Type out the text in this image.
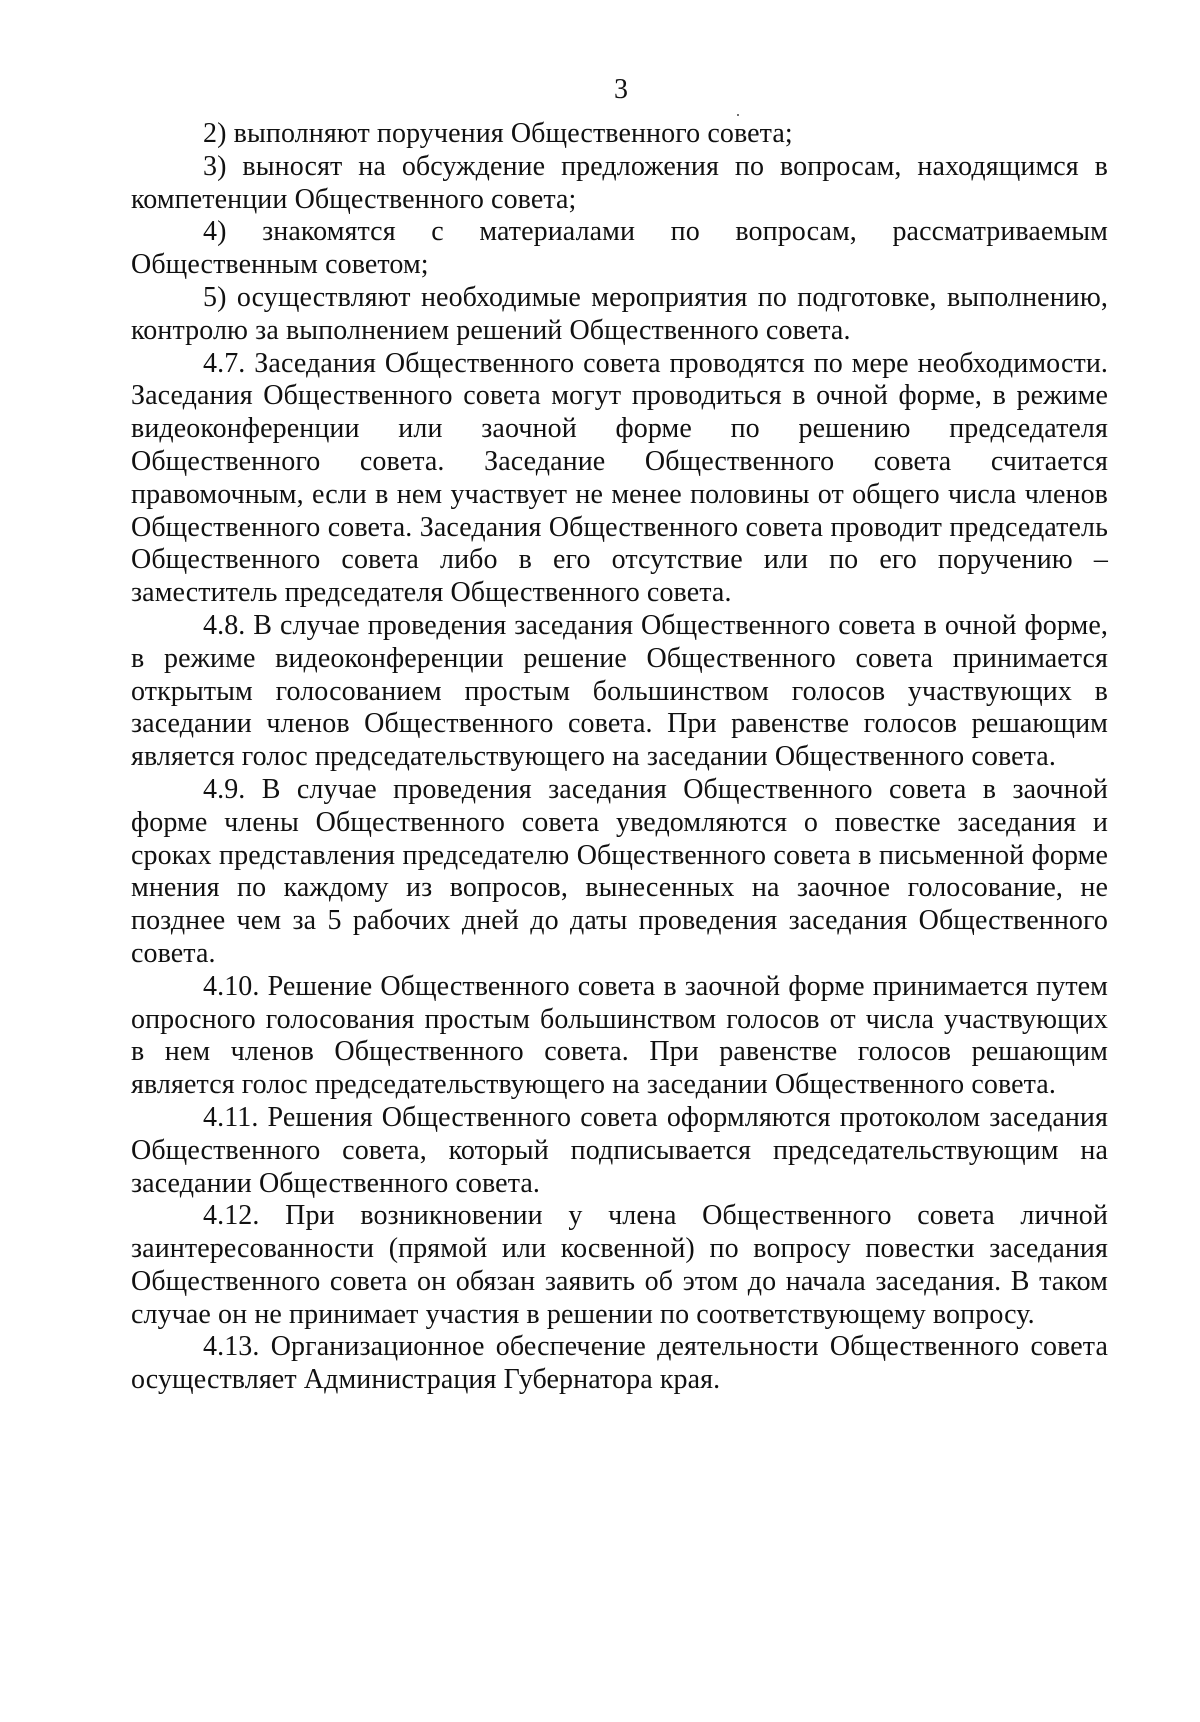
3

2) выполняют поручения Общественного совета;

3) выносят на обсуждение предложения по вопросам, находящимся в компетенции Общественного совета;

4) знакомятся с материалами по вопросам, рассматриваемым Общественным советом;

5) осуществляют необходимые мероприятия по подготовке, выполнению, контролю за выполнением решений Общественного совета.

4.7. Заседания Общественного совета проводятся по мере необходимости. Заседания Общественного совета могут проводиться в очной форме, в режиме видеоконференции или заочной форме по решению председателя Общественного совета. Заседание Общественного совета считается правомочным, если в нем участвует не менее половины от общего числа членов Общественного совета. Заседания Общественного совета проводит председатель Общественного совета либо в его отсутствие или по его поручению – заместитель председателя Общественного совета.

4.8. В случае проведения заседания Общественного совета в очной форме, в режиме видеоконференции решение Общественного совета принимается открытым голосованием простым большинством голосов участвующих в заседании членов Общественного совета. При равенстве голосов решающим является голос председательствующего на заседании Общественного совета.

4.9. В случае проведения заседания Общественного совета в заочной форме члены Общественного совета уведомляются о повестке заседания и сроках представления председателю Общественного совета в письменной форме мнения по каждому из вопросов, вынесенных на заочное голосование, не позднее чем за 5 рабочих дней до даты проведения заседания Общественного совета.

4.10. Решение Общественного совета в заочной форме принимается путем опросного голосования простым большинством голосов от числа участвующих в нем членов Общественного совета. При равенстве голосов решающим является голос председательствующего на заседании Общественного совета.

4.11. Решения Общественного совета оформляются протоколом заседания Общественного совета, который подписывается председательствующим на заседании Общественного совета.

4.12. При возникновении у члена Общественного совета личной заинтересованности (прямой или косвенной) по вопросу повестки заседания Общественного совета он обязан заявить об этом до начала заседания. В таком случае он не принимает участия в решении по соответствующему вопросу.

4.13. Организационное обеспечение деятельности Общественного совета осуществляет Администрация Губернатора края.
